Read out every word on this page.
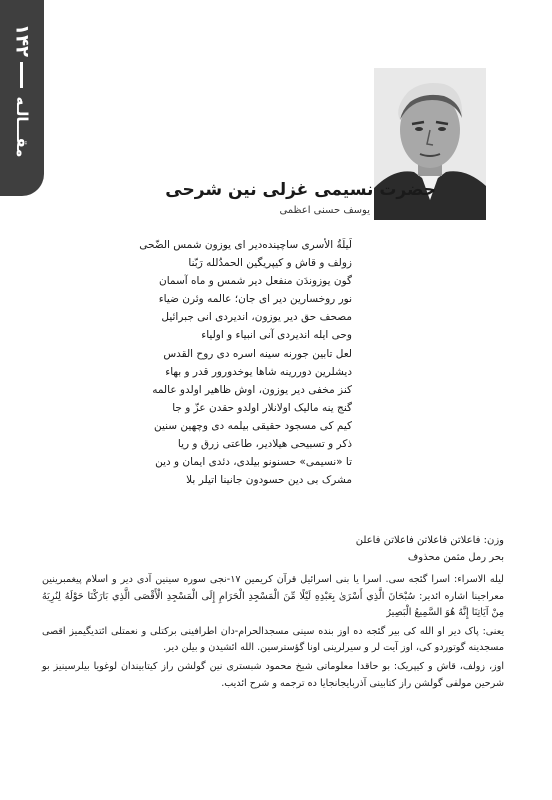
۱۴۲
مقـــالـه
حضرت نسیمی غزلی نین شرحی
یوسف حسنی اعظمی
لَیلَةُ الأسری ساچینده‌دیر ای یوزون شمس الضّحی
زولف و قاش و کیپریگین الحمدُلله رَبّنا
گون یوزوندَن منفعل دیر شمس و ماه آسمان
نور روخسارین دیر ای جان؛ عالمه وئرن ضیاء
مصحف حق دیر یوزون، اندیردی انی جبرائیل
وحی ایله اندیردی آنی انبیاء و اولیاء
لعل تابین جورنه سینه اسره دی روح القدس
دیشلرین دوررینه شاها یوخدورور قدر و بهاء
کنز مخفی دیر یوزون، اوش ظاهیر اولدو عالمه
گنج ینه مالیک اولانلار اولدو حقدن عزّ و جا
کیم کی مسجود حقیقی بیلمه دی وچهین سنین
ذکر و تسبیحی هیلادیر، طاعتی زرق و ریا
تا «نسیمی» حسنونو بیلدی، دئدی ایمان و دین
مشرک بی دین حسودون جانینا اتیلر بلا
وزن: فاعلاتن فاعلاتن فاعلاتن فاعلن
بحر رمل مثمن محذوف

لیله الاسراء: اسرا گئجه سی. اسرا یا بنی اسرائیل قرآن کریمین ۱۷-نجی سوره سینین آدی دیر و اسلام پیغمبرینین معراجینا اشاره ائدیر: سُبْحَانَ الَّذِي أَسْرَىٰ بِعَبْدِهِ لَيْلًا مِّنَ الْمَسْجِدِ الْحَرَامِ إِلَى الْمَسْجِدِ الْأَقْصَى الَّذِي بَارَكْنَا حَوْلَهُ لِنُرِيَهُ مِنْ آيَاتِنَا إِنَّهُ هُوَ السَّمِيعُ الْبَصِيرُ

یعنی: پاک دیر او الله کی بیر گئجه ده اوز بنده سینی مسجدالحرام-دان اطرافینی برکتلی و نعمتلی ائتدیگیمیز اقصی مسجدینه گوتوردو کی، اوز آیت لر و سیرلرینی اونا گؤسترسین. الله ائشیدن و بیلن دیر.

اوز، زولف، قاش و کیپریک: بو حاقدا معلوماتی شیخ محمود شبستری نین گولشن راز کیتابیندان لوغویا بیلرسینیز بو شرحین مولفی گولشن راز کتابینی آذربایجانجایا ده ترجمه و شرح ائدیب.
